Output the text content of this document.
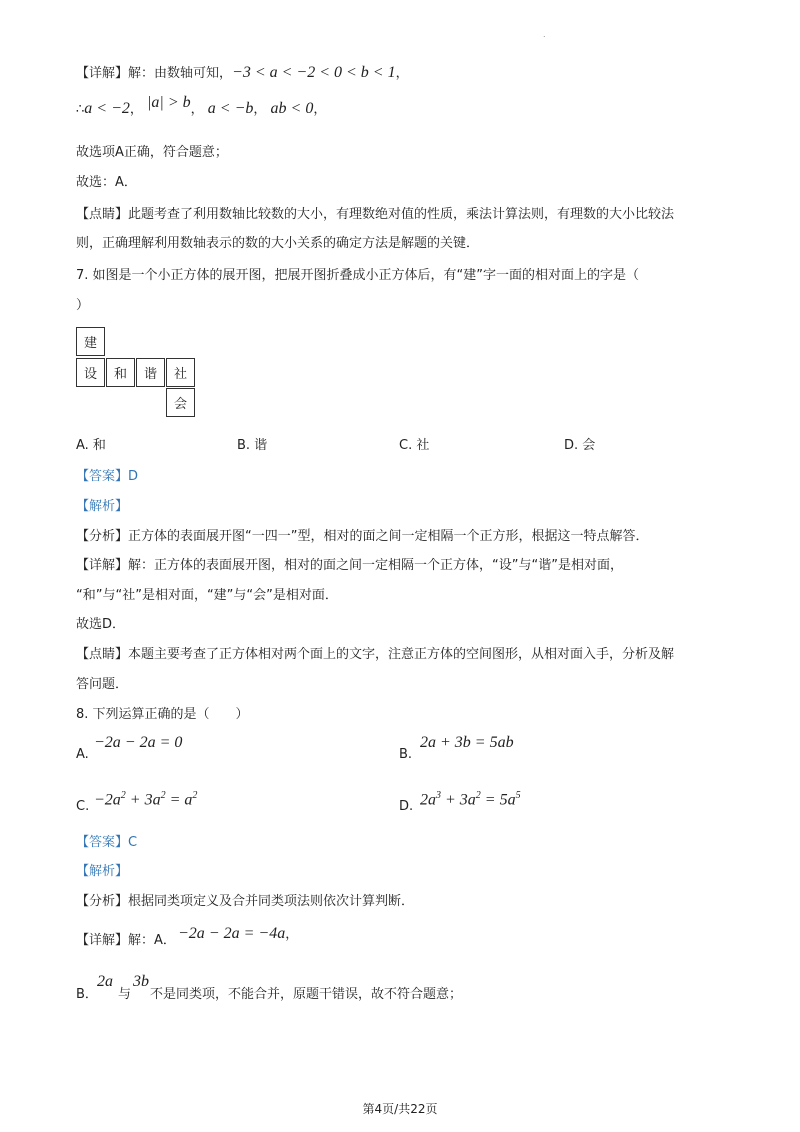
.
【详解】解：由数轴可知，−3 < a < −2 < 0 < b < 1，
∴a < −2， |a| > b， a < −b， ab < 0，
故选项A正确，符合题意；
故选：A．
【点睛】此题考查了利用数轴比较数的大小，有理数绝对值的性质，乘法计算法则，有理数的大小比较法
则，正确理解利用数轴表示的数的大小关系的确定方法是解题的关键．
7. 如图是一个小正方体的展开图，把展开图折叠成小正方体后，有“建”字一面的相对面上的字是（
）
建
设	和	谐	社
会
A. 和	B. 谐	C. 社	D. 会
【答案】D
【解析】
【分析】正方体的表面展开图“一四一”型，相对的面之间一定相隔一个正方形，根据这一特点解答．
【详解】解：正方体的表面展开图，相对的面之间一定相隔一个正方体，“设”与“谐”是相对面，
“和”与“社”是相对面，“建”与“会”是相对面．
故选D．
【点睛】本题主要考查了正方体相对两个面上的文字，注意正方体的空间图形，从相对面入手，分析及解
答问题．
8. 下列运算正确的是（　　）
A.
−2a − 2a = 0
B.
2a + 3b = 5ab
C. $-2a^2 + 3a^2 = a^2$
D. $2a^3 + 3a^2 = 5a^5$
【答案】C
【解析】
【分析】根据同类项定义及合并同类项法则依次计算判断．
【详解】解：A． −2a − 2a = −4a，
B．
2a
与
3b
不是同类项，不能合并，原题干错误，故不符合题意；
第4页/共22页
